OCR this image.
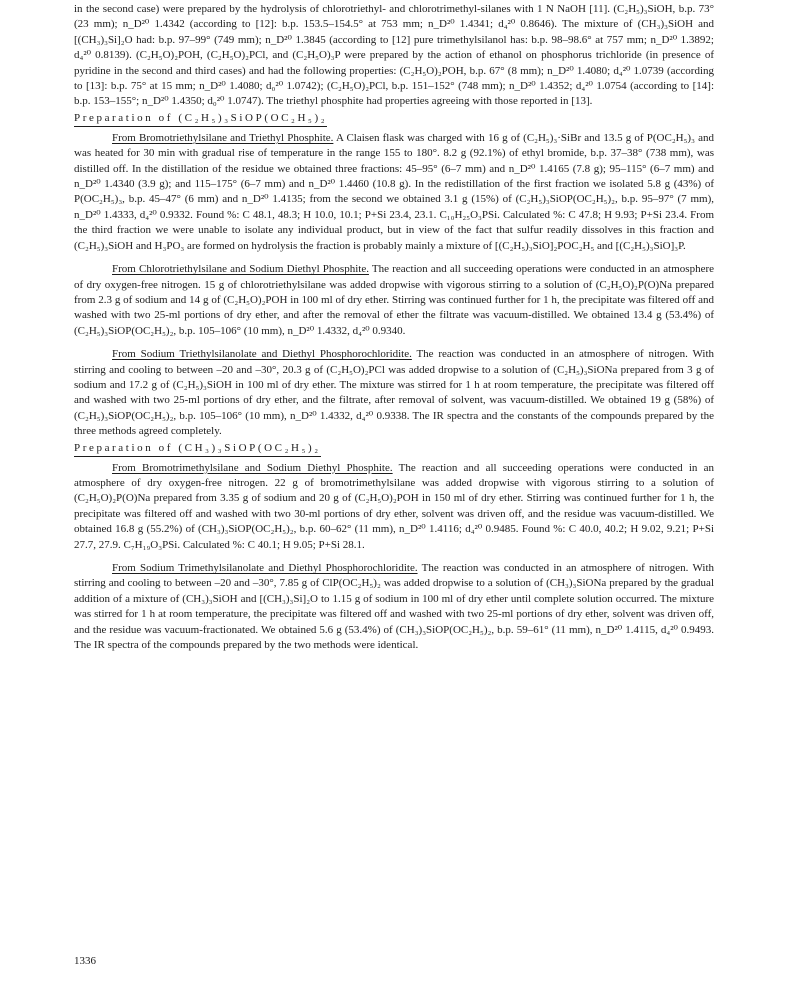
in the second case) were prepared by the hydrolysis of chlorotriethyl- and chlorotrimethyl-silanes with 1 N NaOH [11]. (C₂H₅)₃SiOH, b.p. 73° (23 mm); n_D²⁰ 1.4342 (according to [12]: b.p. 153.5–154.5° at 753 mm; n_D²⁰ 1.4341; d₄²⁰ 0.8646). The mixture of (CH₃)₃SiOH and [(CH₃)₃Si]₂O had: b.p. 97–99° (749 mm); n_D²⁰ 1.3845 (according to [12] pure trimethylsilanol has: b.p. 98–98.6° at 757 mm; n_D²⁰ 1.3892; d₄²⁰ 0.8139). (C₂H₅O)₂POH, (C₂H₅O)₂PCl, and (C₂H₅O)₃P were prepared by the action of ethanol on phosphorus trichloride (in presence of pyridine in the second and third cases) and had the following properties: (C₂H₅O)₂POH, b.p. 67° (8 mm); n_D²⁰ 1.4080; d₄²⁰ 1.0739 (according to [13]: b.p. 75° at 15 mm; n_D²⁰ 1.4080; d₀²⁰ 1.0742); (C₂H₅O)₂PCl, b.p. 151–152° (748 mm); n_D²⁰ 1.4352; d₄²⁰ 1.0754 (according to [14]: b.p. 153–155°; n_D²⁰ 1.4350; d₀²⁰ 1.0747). The triethyl phosphite had properties agreeing with those reported in [13].

Preparation of (C₂H₅)₃SiOP(OC₂H₅)₂

From Bromotriethylsilane and Triethyl Phosphite. A Claisen flask was charged with 16 g of (C₂H₅)₃·SiBr and 13.5 g of P(OC₂H₅)₃ and was heated for 30 min with gradual rise of temperature in the range 155 to 180°. 8.2 g (92.1%) of ethyl bromide, b.p. 37–38° (738 mm), was distilled off. In the distillation of the residue we obtained three fractions: 45–95° (6–7 mm) and n_D²⁰ 1.4165 (7.8 g); 95–115° (6–7 mm) and n_D²⁰ 1.4340 (3.9 g); and 115–175° (6–7 mm) and n_D²⁰ 1.4460 (10.8 g). In the redistillation of the first fraction we isolated 5.8 g (43%) of P(OC₂H₅)₃, b.p. 45–47° (6 mm) and n_D²⁰ 1.4135; from the second we obtained 3.1 g (15%) of (C₂H₅)₃SiOP(OC₂H₅)₂, b.p. 95–97° (7 mm), n_D²⁰ 1.4333, d₄²⁰ 0.9332. Found %: C 48.1, 48.3; H 10.0, 10.1; P+Si 23.4, 23.1. C₁₀H₂₅O₃PSi. Calculated %: C 47.8; H 9.93; P+Si 23.4. From the third fraction we were unable to isolate any individual product, but in view of the fact that sulfur readily dissolves in this fraction and (C₂H₅)₃SiOH and H₃PO₃ are formed on hydrolysis the fraction is probably mainly a mixture of [(C₂H₅)₃SiO]₂POC₂H₅ and [(C₂H₅)₃SiO]₃P.

From Chlorotriethylsilane and Sodium Diethyl Phosphite. The reaction and all succeeding operations were conducted in an atmosphere of dry oxygen-free nitrogen. 15 g of chlorotriethylsilane was added dropwise with vigorous stirring to a solution of (C₂H₅O)₂P(O)Na prepared from 2.3 g of sodium and 14 g of (C₂H₅O)₂POH in 100 ml of dry ether. Stirring was continued further for 1 h, the precipitate was filtered off and washed with two 25-ml portions of dry ether, and after the removal of ether the filtrate was vacuum-distilled. We obtained 13.4 g (53.4%) of (C₂H₅)₃SiOP(OC₂H₅)₂, b.p. 105–106° (10 mm), n_D²⁰ 1.4332, d₄²⁰ 0.9340.

From Sodium Triethylsilanolate and Diethyl Phosphorochloridite. The reaction was conducted in an atmosphere of nitrogen. With stirring and cooling to between –20 and –30°, 20.3 g of (C₂H₅O)₂PCl was added dropwise to a solution of (C₂H₅)₃SiONa prepared from 3 g of sodium and 17.2 g of (C₂H₅)₃SiOH in 100 ml of dry ether. The mixture was stirred for 1 h at room temperature, the precipitate was filtered off and washed with two 25-ml portions of dry ether, and the filtrate, after removal of solvent, was vacuum-distilled. We obtained 19 g (58%) of (C₂H₅)₃SiOP(OC₂H₅)₂, b.p. 105–106° (10 mm), n_D²⁰ 1.4332, d₄²⁰ 0.9338. The IR spectra and the constants of the compounds prepared by the three methods agreed completely.

Preparation of (CH₃)₃SiOP(OC₂H₅)₂

From Bromotrimethylsilane and Sodium Diethyl Phosphite. The reaction and all succeeding operations were conducted in an atmosphere of dry oxygen-free nitrogen. 22 g of bromotrimethylsilane was added dropwise with vigorous stirring to a solution of (C₂H₅O)₂P(O)Na prepared from 3.35 g of sodium and 20 g of (C₂H₅O)₂POH in 150 ml of dry ether. Stirring was continued further for 1 h, the precipitate was filtered off and washed with two 30-ml portions of dry ether, solvent was driven off, and the residue was vacuum-distilled. We obtained 16.8 g (55.2%) of (CH₃)₃SiOP(OC₂H₅)₂, b.p. 60–62° (11 mm), n_D²⁰ 1.4116; d₄²⁰ 0.9485. Found %: C 40.0, 40.2; H 9.02, 9.21; P+Si 27.7, 27.9. C₇H₁₉O₃PSi. Calculated %: C 40.1; H 9.05; P+Si 28.1.

From Sodium Trimethylsilanolate and Diethyl Phosphorochloridite. The reaction was conducted in an atmosphere of nitrogen. With stirring and cooling to between –20 and –30°, 7.85 g of ClP(OC₂H₅)₂ was added dropwise to a solution of (CH₃)₃SiONa prepared by the gradual addition of a mixture of (CH₃)₃SiOH and [(CH₃)₃Si]₂O to 1.15 g of sodium in 100 ml of dry ether until complete solution occurred. The mixture was stirred for 1 h at room temperature, the precipitate was filtered off and washed with two 25-ml portions of dry ether, solvent was driven off, and the residue was vacuum-fractionated. We obtained 5.6 g (53.4%) of (CH₃)₃SiOP(OC₂H₅)₂, b.p. 59–61° (11 mm), n_D²⁰ 1.4115, d₄²⁰ 0.9493. The IR spectra of the compounds prepared by the two methods were identical.

1336
